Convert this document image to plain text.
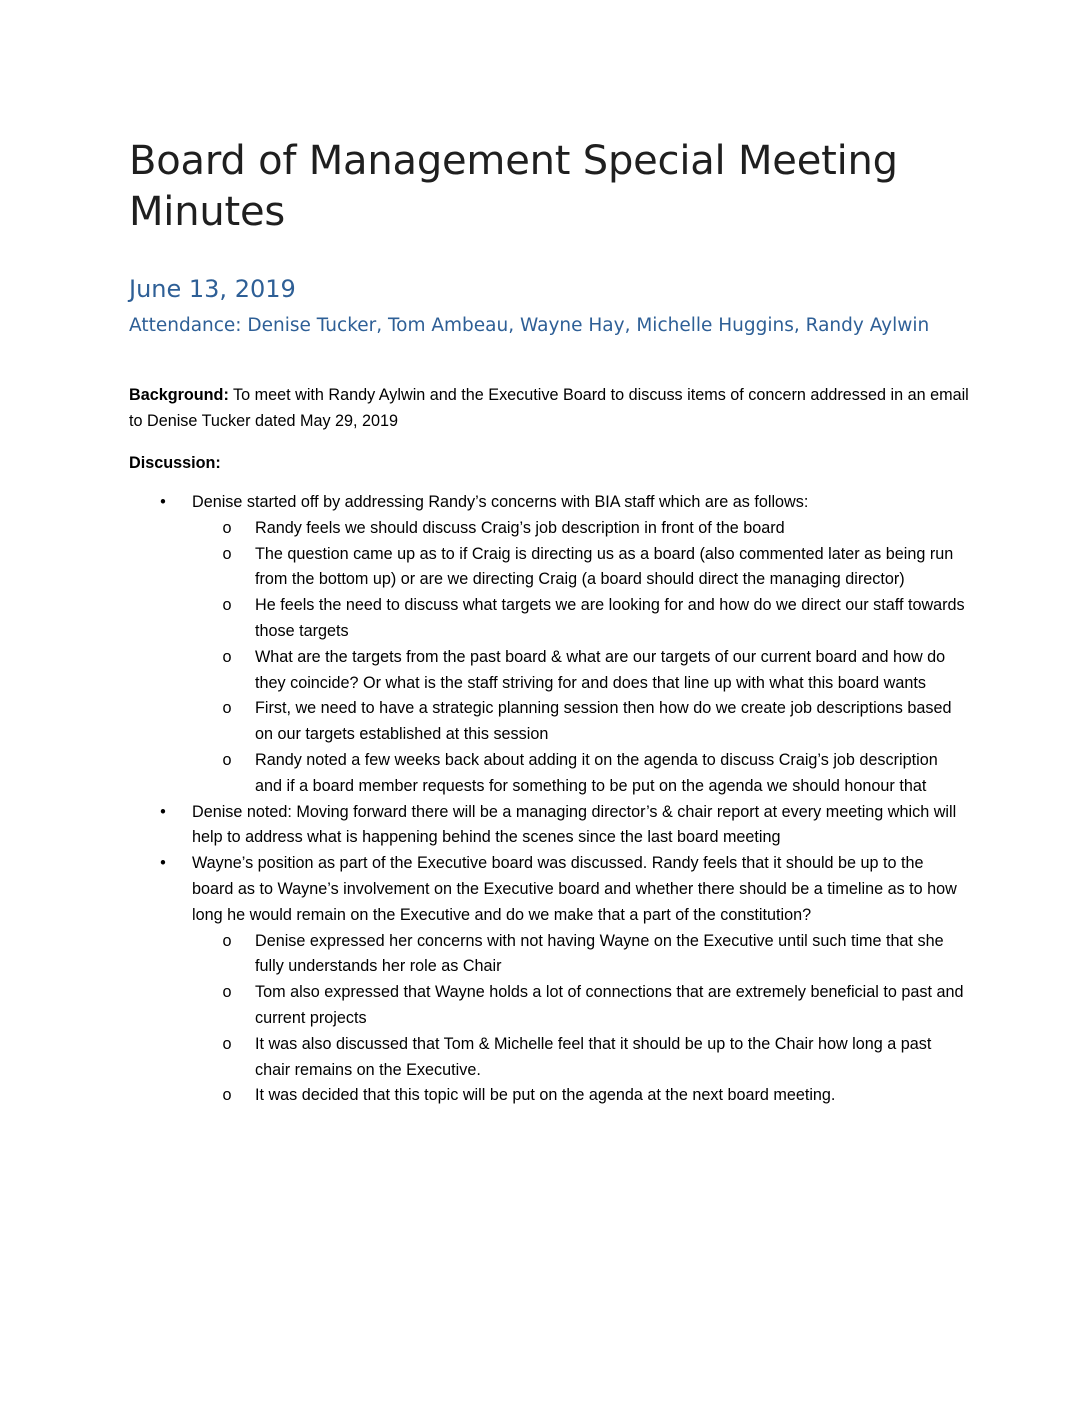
Board of Management Special Meeting Minutes
June 13, 2019
Attendance: Denise Tucker, Tom Ambeau, Wayne Hay, Michelle Huggins, Randy Aylwin

Background: To meet with Randy Aylwin and the Executive Board to discuss items of concern addressed in an email to Denise Tucker dated May 29, 2019

Discussion:

• Denise started off by addressing Randy’s concerns with BIA staff which are as follows:
o Randy feels we should discuss Craig’s job description in front of the board
o The question came up as to if Craig is directing us as a board (also commented later as being run from the bottom up) or are we directing Craig (a board should direct the managing director)
o He feels the need to discuss what targets we are looking for and how do we direct our staff towards those targets
o What are the targets from the past board & what are our targets of our current board and how do they coincide? Or what is the staff striving for and does that line up with what this board wants
o First, we need to have a strategic planning session then how do we create job descriptions based on our targets established at this session
o Randy noted a few weeks back about adding it on the agenda to discuss Craig’s job description and if a board member requests for something to be put on the agenda we should honour that
• Denise noted: Moving forward there will be a managing director’s & chair report at every meeting which will help to address what is happening behind the scenes since the last board meeting
• Wayne’s position as part of the Executive board was discussed. Randy feels that it should be up to the board as to Wayne’s involvement on the Executive board and whether there should be a timeline as to how long he would remain on the Executive and do we make that a part of the constitution?
o Denise expressed her concerns with not having Wayne on the Executive until such time that she fully understands her role as Chair
o Tom also expressed that Wayne holds a lot of connections that are extremely beneficial to past and current projects
o It was also discussed that Tom & Michelle feel that it should be up to the Chair how long a past chair remains on the Executive.
o It was decided that this topic will be put on the agenda at the next board meeting.
